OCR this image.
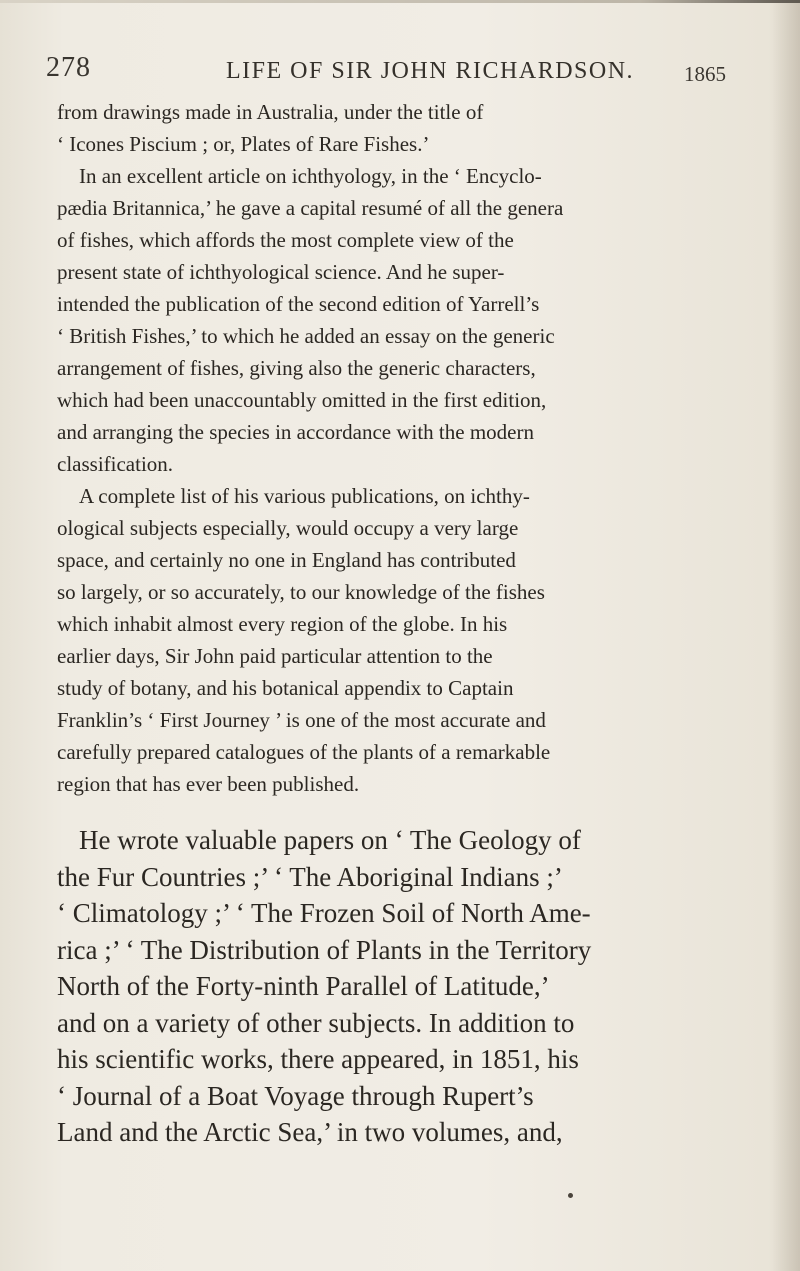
278	LIFE OF SIR JOHN RICHARDSON. 1865

from drawings made in Australia, under the title of
‘ Icones Piscium ; or, Plates of Rare Fishes.’

In an excellent article on ichthyology, in the ‘ Encyclo-
pædia Britannica,’ he gave a capital resumé of all the genera
of fishes, which affords the most complete view of the
present state of ichthyological science. And he super-
intended the publication of the second edition of Yarrell’s
‘ British Fishes,’ to which he added an essay on the generic
arrangement of fishes, giving also the generic characters,
which had been unaccountably omitted in the first edition,
and arranging the species in accordance with the modern
classification.

A complete list of his various publications, on ichthy-
ological subjects especially, would occupy a very large
space, and certainly no one in England has contributed
so largely, or so accurately, to our knowledge of the fishes
which inhabit almost every region of the globe. In his
earlier days, Sir John paid particular attention to the
study of botany, and his botanical appendix to Captain
Franklin’s ‘ First Journey ’ is one of the most accurate and
carefully prepared catalogues of the plants of a remarkable
region that has ever been published.

He wrote valuable papers on ‘ The Geology of
the Fur Countries ;’ ‘ The Aboriginal Indians ;’
‘ Climatology ;’ ‘ The Frozen Soil of North Ame-
rica ;’ ‘ The Distribution of Plants in the Territory
North of the Forty-ninth Parallel of Latitude,’
and on a variety of other subjects. In addition to
his scientific works, there appeared, in 1851, his
‘ Journal of a Boat Voyage through Rupert’s
Land and the Arctic Sea,’ in two volumes, and,
